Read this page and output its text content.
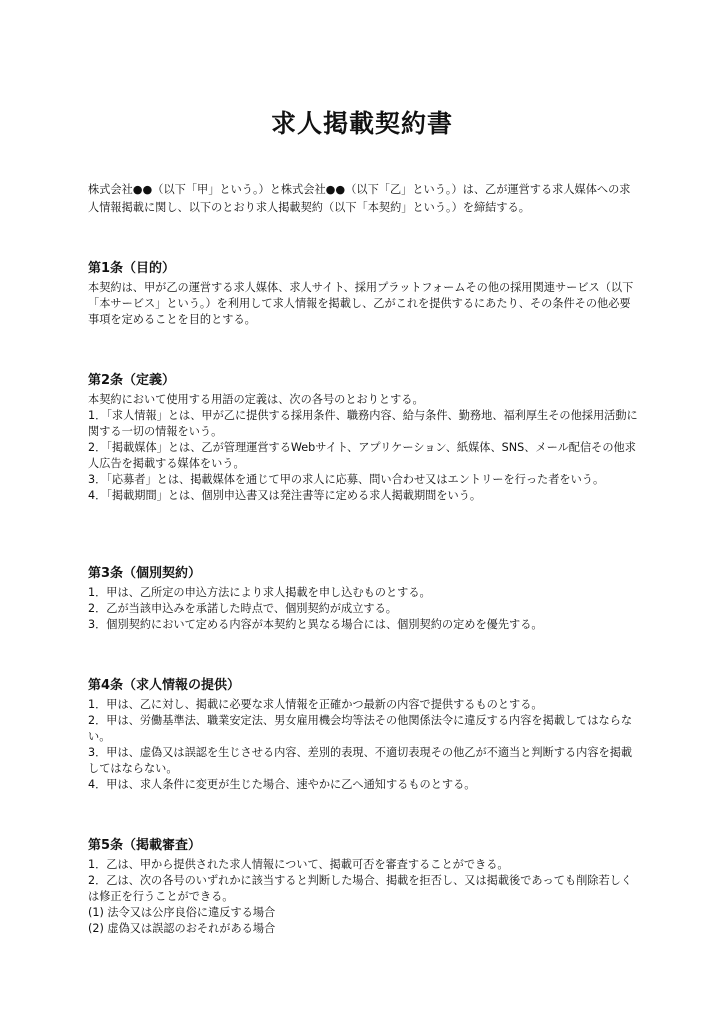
求人掲載契約書

株式会社●●（以下「甲」という。）と株式会社●●（以下「乙」という。）は、乙が運営する求人媒体への求人情報掲載に関し、以下のとおり求人掲載契約（以下「本契約」という。）を締結する。

第1条（目的）

本契約は、甲が乙の運営する求人媒体、求人サイト、採用プラットフォームその他の採用関連サービス（以下「本サービス」という。）を利用して求人情報を掲載し、乙がこれを提供するにあたり、その条件その他必要事項を定めることを目的とする。

第2条（定義）

本契約において使用する用語の定義は、次の各号のとおりとする。

1．「求人情報」とは、甲が乙に提供する採用条件、職務内容、給与条件、勤務地、福利厚生その他採用活動に関する一切の情報をいう。

2．「掲載媒体」とは、乙が管理運営するWebサイト、アプリケーション、紙媒体、SNS、メール配信その他求人広告を掲載する媒体をいう。

3．「応募者」とは、掲載媒体を通じて甲の求人に応募、問い合わせ又はエントリーを行った者をいう。

4．「掲載期間」とは、個別申込書又は発注書等に定める求人掲載期間をいう。

第3条（個別契約）

1．甲は、乙所定の申込方法により求人掲載を申し込むものとする。

2．乙が当該申込みを承諾した時点で、個別契約が成立する。

3．個別契約において定める内容が本契約と異なる場合には、個別契約の定めを優先する。

第4条（求人情報の提供）

1．甲は、乙に対し、掲載に必要な求人情報を正確かつ最新の内容で提供するものとする。

2．甲は、労働基準法、職業安定法、男女雇用機会均等法その他関係法令に違反する内容を掲載してはならない。

3．甲は、虚偽又は誤認を生じさせる内容、差別的表現、不適切表現その他乙が不適当と判断する内容を掲載してはならない。

4．甲は、求人条件に変更が生じた場合、速やかに乙へ通知するものとする。

第5条（掲載審査）

1．乙は、甲から提供された求人情報について、掲載可否を審査することができる。

2．乙は、次の各号のいずれかに該当すると判断した場合、掲載を拒否し、又は掲載後であっても削除若しくは修正を行うことができる。

(1) 法令又は公序良俗に違反する場合

(2) 虚偽又は誤認のおそれがある場合
